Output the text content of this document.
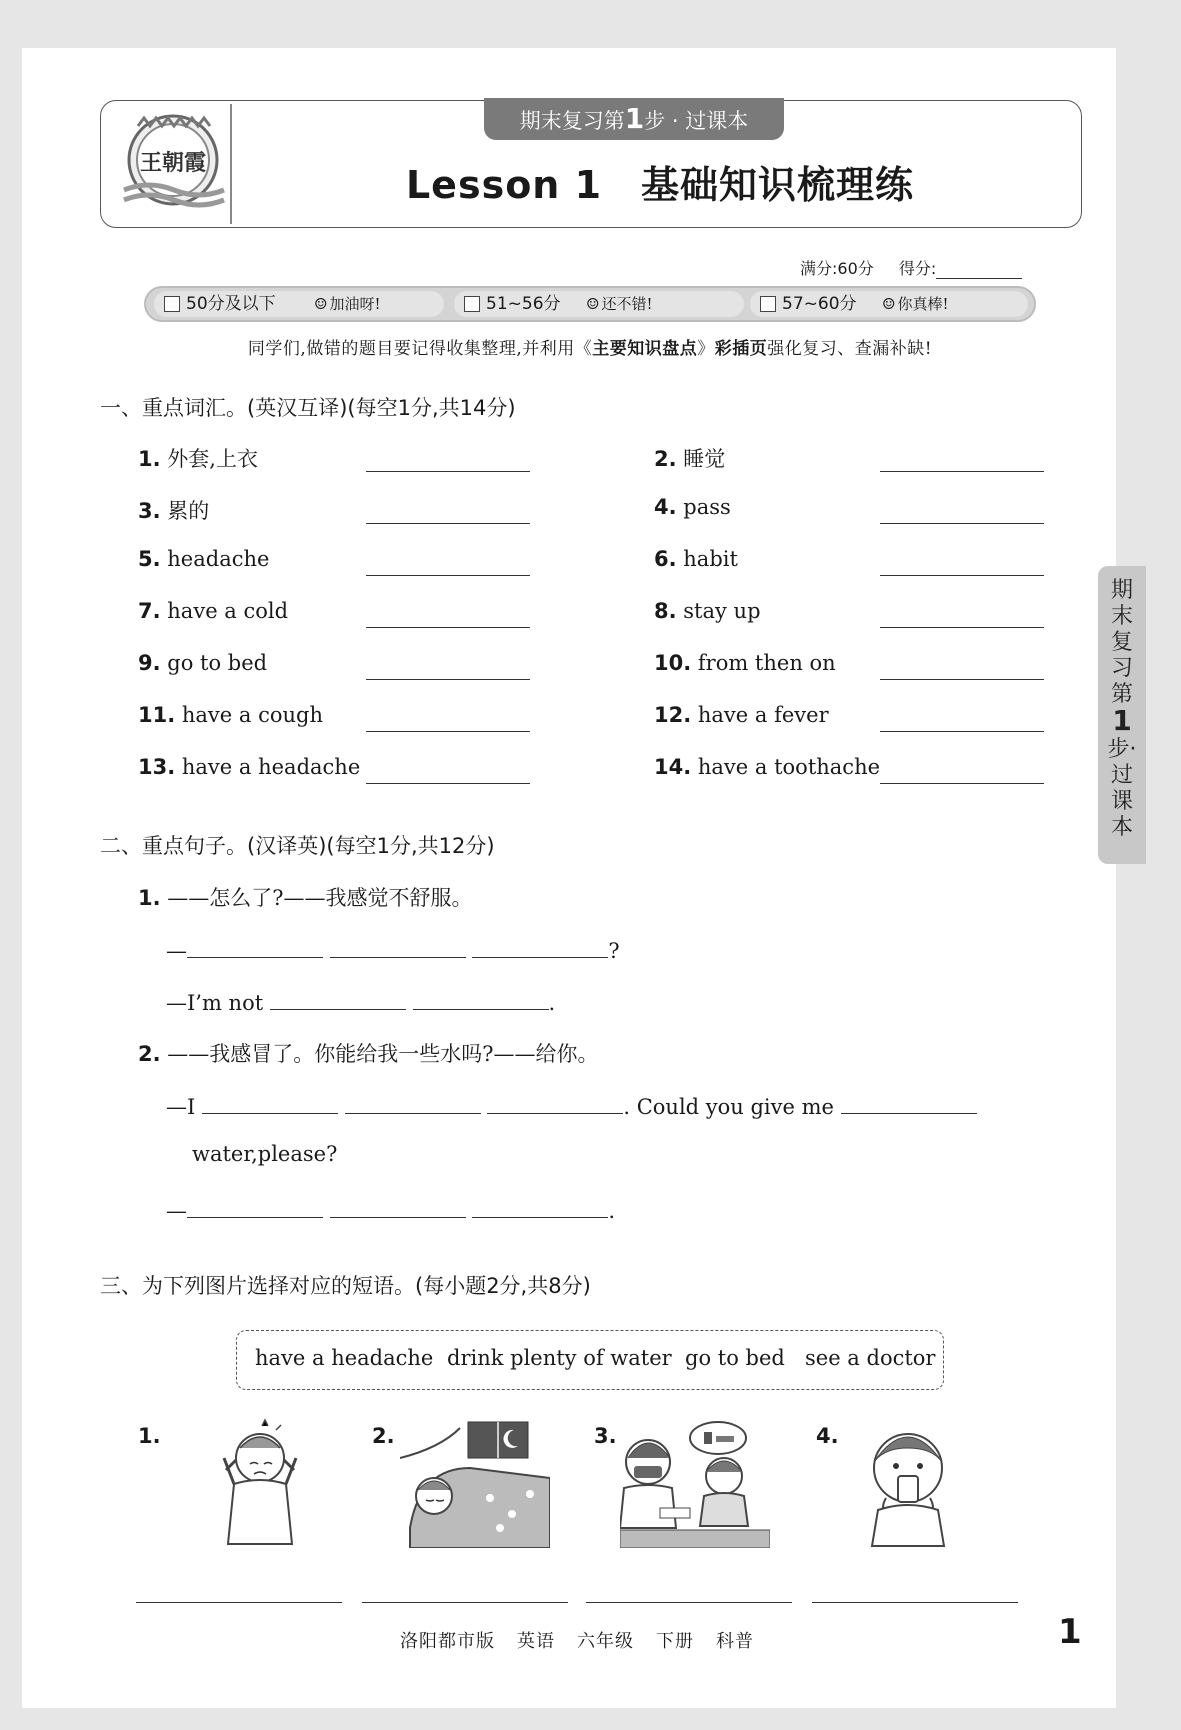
王朝霞
期末复习第1步 · 过课本
Lesson 1　基础知识梳理练
满分:60分 得分:
50分及以下	☺ 加油呀!	51~56分 ☺ 还不错!	57~60分 ☺ 你真棒!
同学们,做错的题目要记得收集整理,并利用《主要知识盘点》彩插页强化复习、查漏补缺!
一、重点词汇。(英汉互译)(每空1分,共14分)
1. 外套,上衣	2. 睡觉
3. 累的	4. pass
5. headache	6. habit
7. have a cold	8. stay up
9. go to bed	10. from then on
11. have a cough	12. have a fever
13. have a headache	14. have a toothache
二、重点句子。(汉译英)(每空1分,共12分)
1. ——怎么了?——我感觉不舒服。
—	?
—I’m not	.
2. ——我感冒了。你能给我一些水吗?——给你。
—I	. Could you give me
water,please?
—	.
三、为下列图片选择对应的短语。(每小题2分,共8分)
have a headache drink plenty of water go to bed see a doctor
1.	2.	3.	4.
洛阳都市版 英语 六年级 下册 科普	1
期
末
复
习
第
1
步·
过
课
本
